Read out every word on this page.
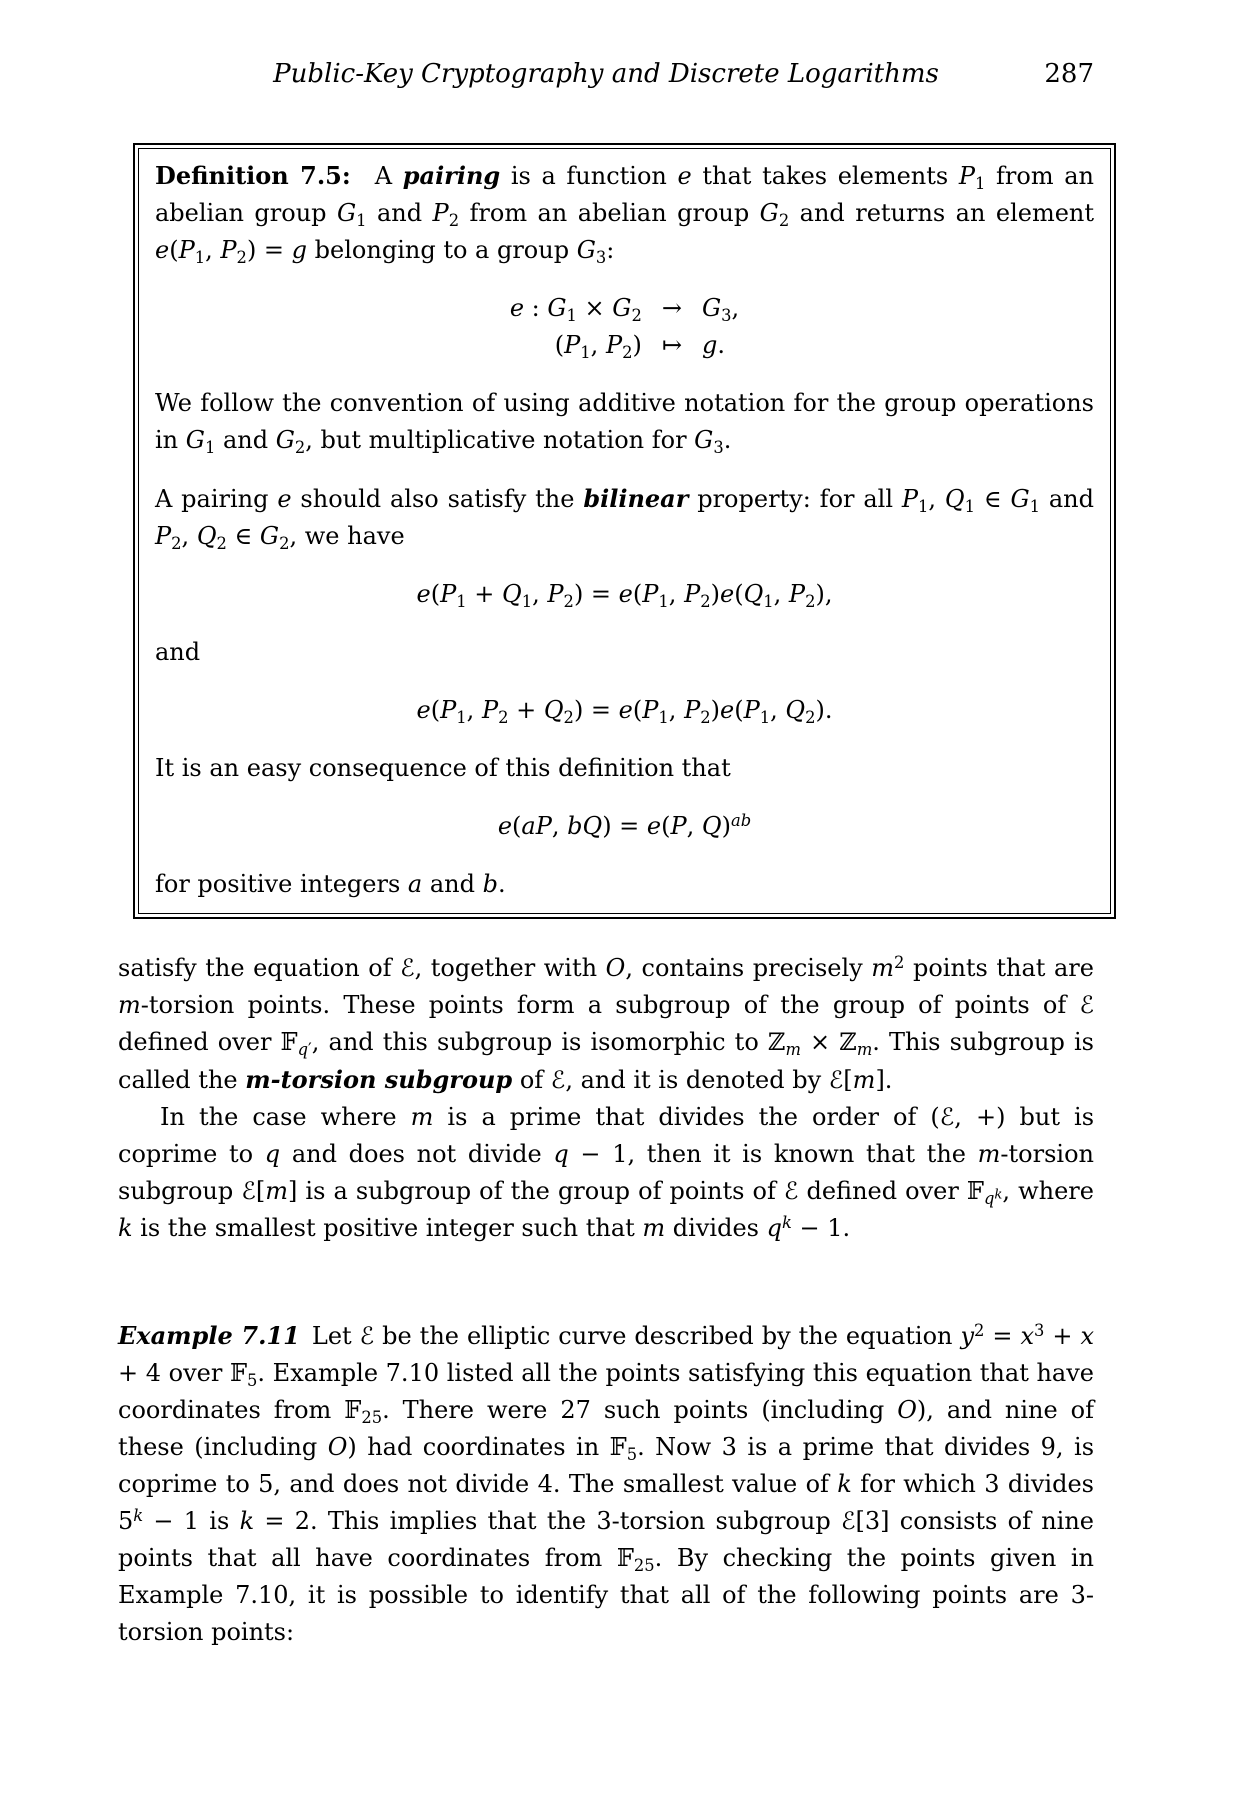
Public-Key Cryptography and Discrete Logarithms	287

Definition 7.5: A pairing is a function e that takes elements $P_1$ from an abelian group $G_1$ and $P_2$ from an abelian group $G_2$ and returns an element $e(P_1$, $P_2) = g$ belonging to a group $G_3$:

e : $G_1 \times G_2 \to G_3$,
($P_1$, $P_2$) ↦ g.

We follow the convention of using additive notation for the group operations in $G_1$ and $G_2$, but multiplicative notation for $G_3$.

A pairing e should also satisfy the bilinear property: for all $P_1$, $Q_1$ ∈ $G_1$ and $P_2$, $Q_2$ ∈ $G_2$, we have

$e(P_1 + Q_1$, $P_2) = e(P_1$, $P_2)e(Q_1$, $P_2$),

and

$e(P_1$, $P_2 + Q_2) = e(P_1$, $P_2)e(P_1$, $Q_2$).

It is an easy consequence of this definition that

e(aP, bQ) = e(P, Q)$^{ab}$

for positive integers a and b.

satisfy the equation of ℰ, together with O, contains precisely $m^2$ points that are m-torsion points. These points form a subgroup of the group of points of ℰ defined over 𝔽$_{q'}$, and this subgroup is isomorphic to ℤ$_m$ × ℤ$_m$. This subgroup is called the m-torsion subgroup of ℰ, and it is denoted by ℰ[m].

In the case where m is a prime that divides the order of (ℰ, +) but is coprime to q and does not divide q − 1, then it is known that the m-torsion subgroup ℰ[m] is a subgroup of the group of points of ℰ defined over 𝔽$_q$k, where k is the smallest positive integer such that m divides $q^k - 1$.

Example 7.11 Let ℰ be the elliptic curve described by the equation $y^2 = x^3 + x + 4$ over 𝔽$_5$. Example 7.10 listed all the points satisfying this equation that have coordinates from 𝔽$_{25}$. There were 27 such points (including O), and nine of these (including O) had coordinates in 𝔽$_5$. Now 3 is a prime that divides 9, is coprime to 5, and does not divide 4. The smallest value of k for which 3 divides $5^k - 1$ is k = 2. This implies that the 3-torsion subgroup ℰ[3] consists of nine points that all have coordinates from 𝔽$_{25}$. By checking the points given in Example 7.10, it is possible to identify that all of the following points are 3-torsion points:
